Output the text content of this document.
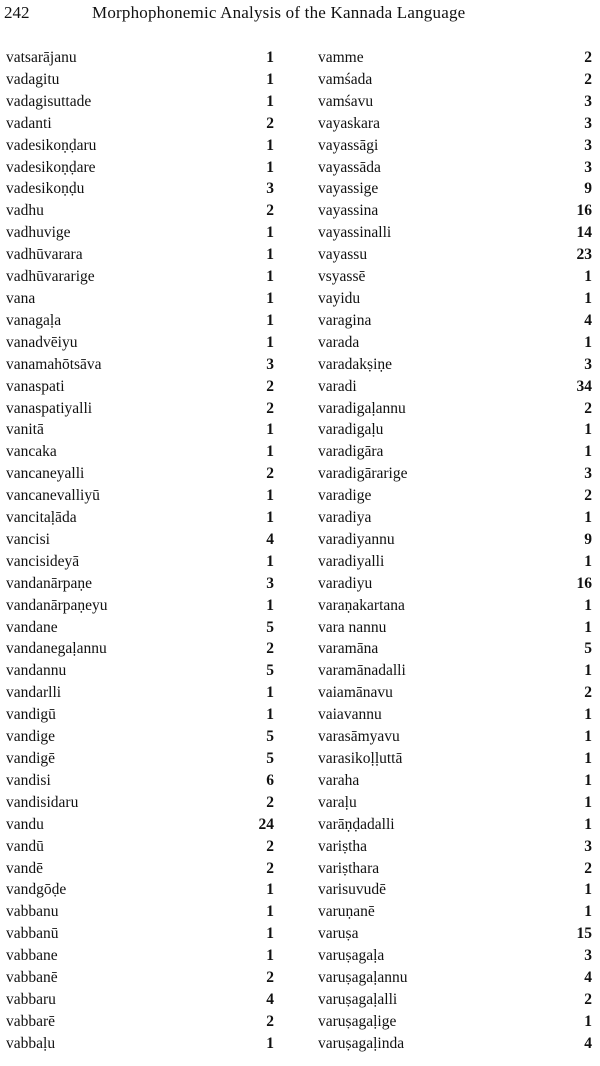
242	Morphophonemic Analysis of the Kannada Language
vatsarājanu	1
vadagitu	1
vadagisuttade	1
vadanti	2
vadesikoṇḍaru	1
vadesikoṇḍare	1
vadesikoṇḍu	3
vadhu	2
vadhuvige	1
vadhūvarara	1
vadhūvararige	1
vana	1
vanagaḷa	1
vanadvēiyu	1
vanamahōtsāva	3
vanaspati	2
vanaspatiyalli	2
vanitā	1
vancaka	1
vancaneyalli	2
vancanevalliyū	1
vancitaḷāda	1
vancisi	4
vancisideyā	1
vandanārpaṇe	3
vandanārpaṇeyu	1
vandane	5
vandanegaḷannu	2
vandannu	5
vandarlli	1
vandigū	1
vandige	5
vandigē	5
vandisi	6
vandisidaru	2
vandu	24
vandū	2
vandē	2
vandgōḍe	1
vabbanu	1
vabbanū	1
vabbane	1
vabbanē	2
vabbaru	4
vabbarē	2
vabbaḷu	1
vamme	2
vamśada	2
vamśavu	3
vayaskara	3
vayassāgi	3
vayassāda	3
vayassige	9
vayassina	16
vayassinalli	14
vayassu	23
vsyassē	1
vayidu	1
varagina	4
varada	1
varadakṣiṇe	3
varadi	34
varadigaḷannu	2
varadigaḷu	1
varadigāra	1
varadigārarige	3
varadige	2
varadiya	1
varadiyannu	9
varadiyalli	1
varadiyu	16
varaṇakartana	1
vara nannu	1
varamāna	5
varamānadalli	1
vaiamānavu	2
vaiavannu	1
varasāmyavu	1
varasikoḷḷuttā	1
varaha	1
varaḷu	1
varāṇḍadalli	1
variṣtha	3
variṣthara	2
varisuvudē	1
varuṇanē	1
varuṣa	15
varuṣagaḷa	3
varuṣagaḷannu	4
varuṣagaḷalli	2
varuṣagaḷige	1
varuṣagaḷinda	4
